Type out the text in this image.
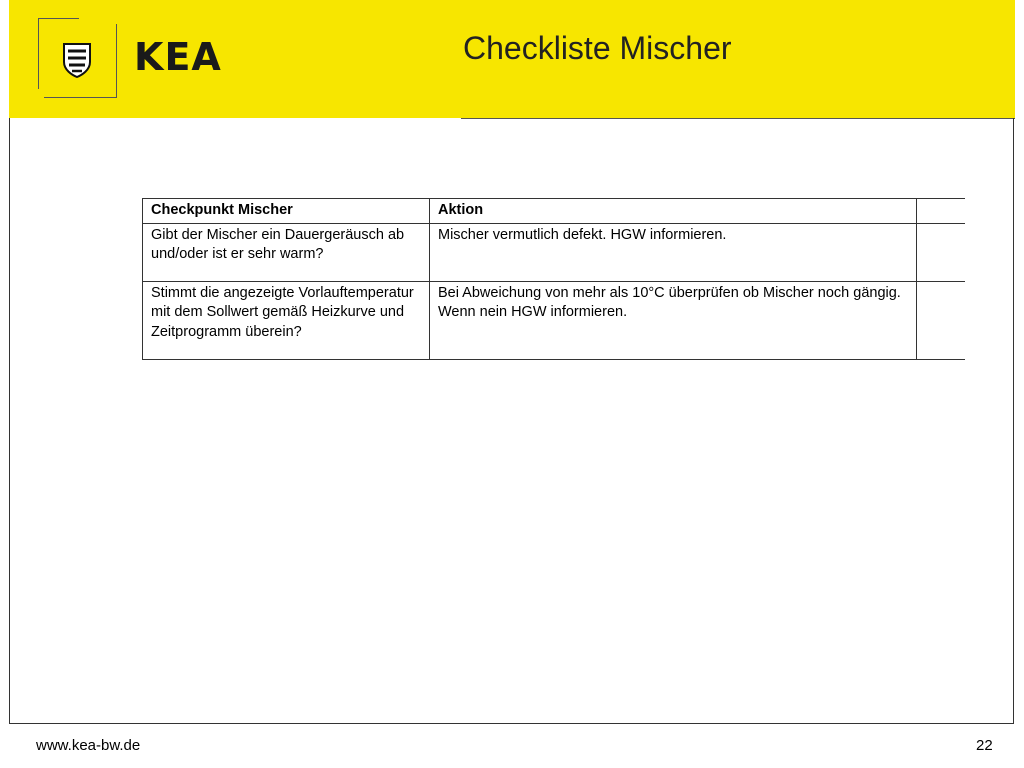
KEA	Checkliste Mischer
Checkpunkt Mischer	Aktion	
Gibt der Mischer ein Dauergeräusch ab und/oder ist er sehr warm?	Mischer vermutlich defekt. HGW informieren.	
Stimmt die angezeigte Vorlauftemperatur mit dem Sollwert gemäß Heizkurve und Zeitprogramm überein?	Bei Abweichung von mehr als 10°C überprüfen ob Mischer noch gängig. Wenn nein HGW informieren.	
www.kea-bw.de	22
